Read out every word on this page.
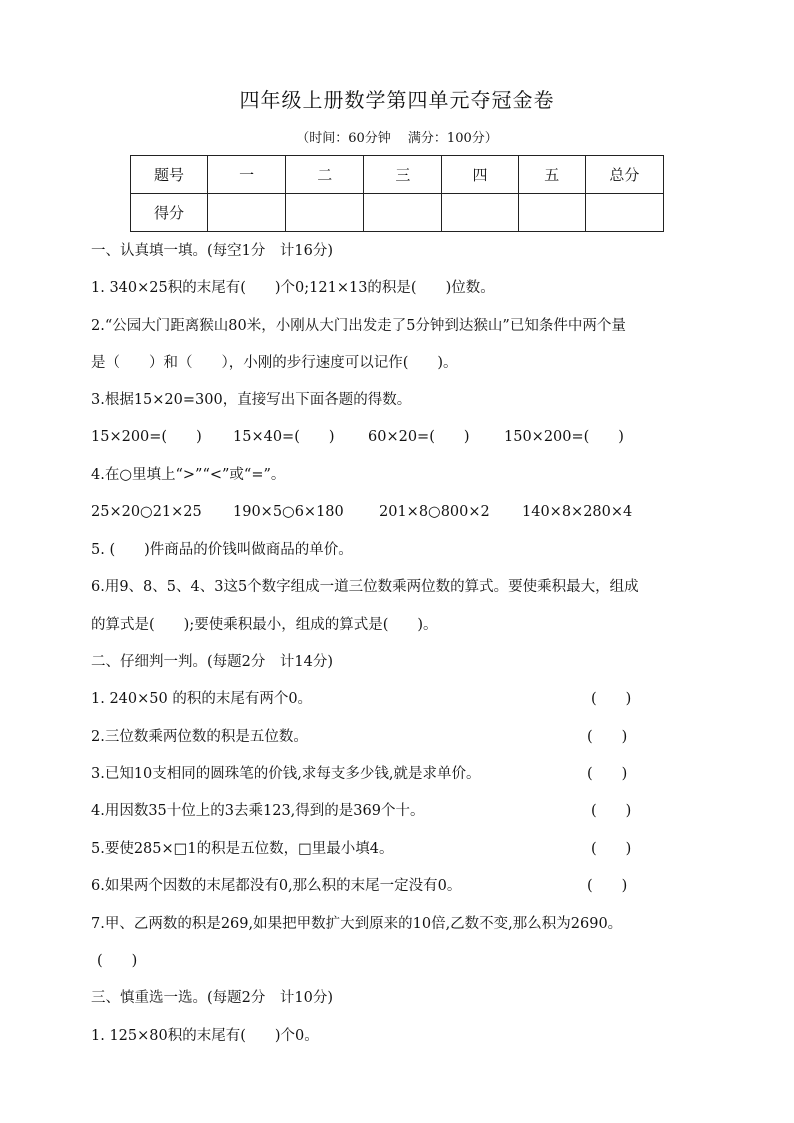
四年级上册数学第四单元夺冠金卷
（时间：60分钟　 满分：100分）
题号	一	二	三	四	五	总分
得分						
一、认真填一填。(每空1分　计16分)
1. 340×25积的末尾有(　　)个0;121×13的积是(　　)位数。
2.“公园大门距离猴山80米，小刚从大门出发走了5分钟到达猴山”已知条件中两个量
是（　　）和（　　），小刚的步行速度可以记作(　　)。
3.根据15×20=300，直接写出下面各题的得数。
15×200=(　　) 15×40=(　　) 60×20=(　　) 150×200=(　　)
4.在○里填上“>”“<”或“=”。
25×20○21×25 190×5○6×180 201×8○800×2 140×8×280×4
5. (　　)件商品的价钱叫做商品的单价。
6.用9、8、5、4、3这5个数字组成一道三位数乘两位数的算式。要使乘积最大，组成
的算式是(　　);要使乘积最小，组成的算式是(　　)。
二、仔细判一判。(每题2分　计14分)
1. 240×50 的积的末尾有两个0。	(　　)
2.三位数乘两位数的积是五位数。	(　　)
3.已知10支相同的圆珠笔的价钱,求每支多少钱,就是求单价。	(　　)
4.用因数35十位上的3去乘123,得到的是369个十。	(　　)
5.要使285×□1的积是五位数，□里最小填4。	(　　)
6.如果两个因数的末尾都没有0,那么积的末尾一定没有0。	(　　)
7.甲、乙两数的积是269,如果把甲数扩大到原来的10倍,乙数不变,那么积为2690。
(　　)
三、慎重选一选。(每题2分　计10分)
1. 125×80积的末尾有(　　)个0。
